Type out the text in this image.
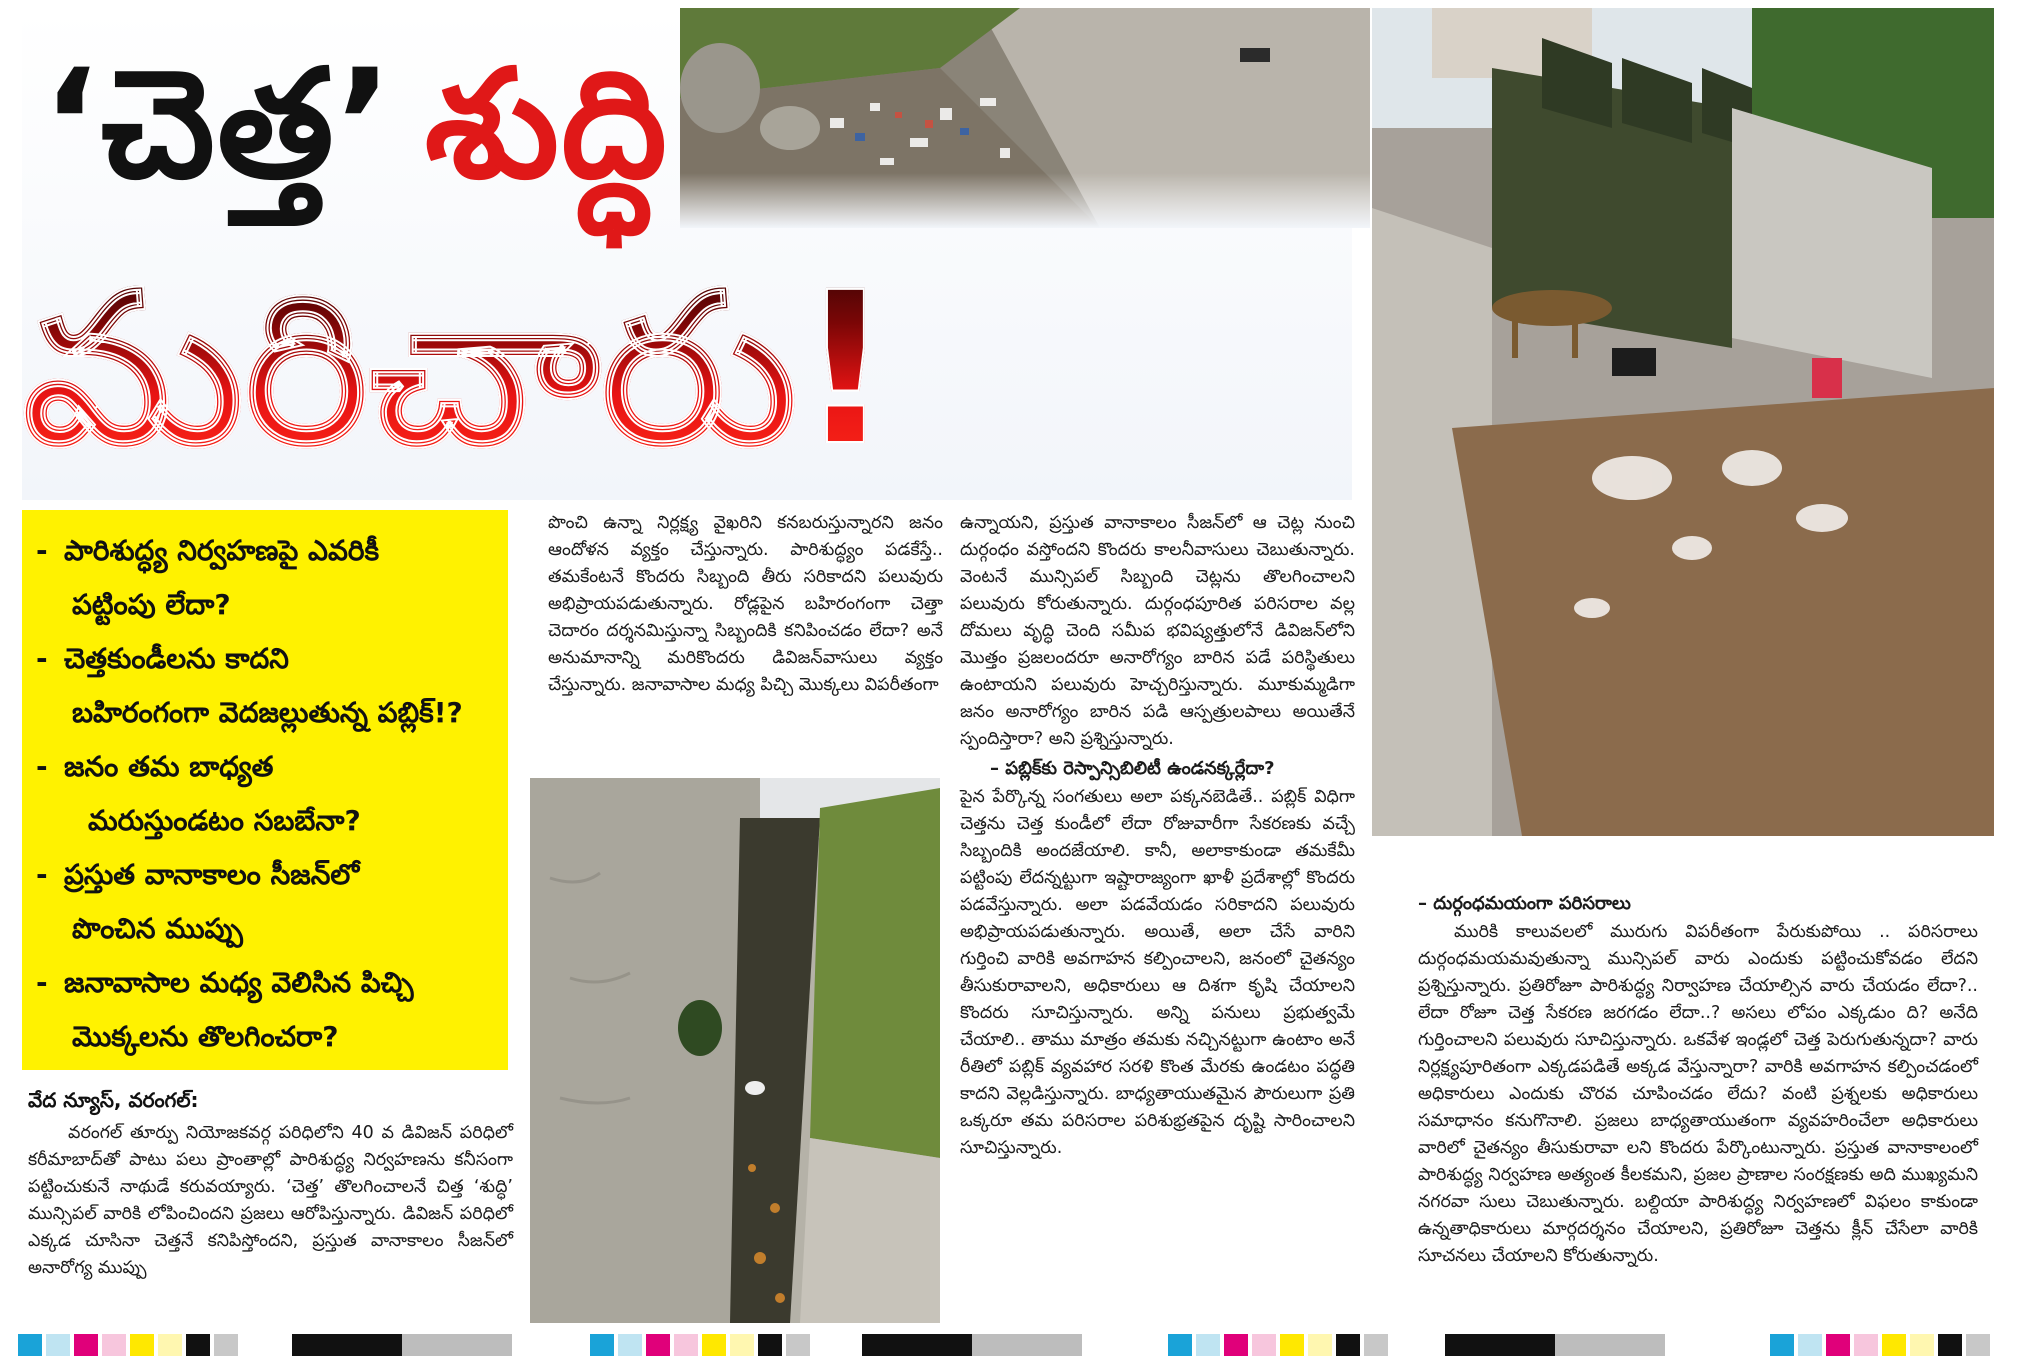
‘చెత్త’ శుద్ధి
మరిచారు!
- పారిశుద్ధ్య నిర్వహణపై ఎవరికీ
పట్టింపు లేదా?
- చెత్తకుండీలను కాదని
బహిరంగంగా వెదజల్లుతున్న పబ్లిక్!?
- జనం తమ బాధ్యత
మరుస్తుండటం సబబేనా?
- ప్రస్తుత వానాకాలం సీజన్‌లో
పొంచిన ముప్పు
- జనావాసాల మధ్య వెలిసిన పిచ్చి
మొక్కలను తొలగించరా?
వేద న్యూస్, వరంగల్:

వరంగల్ తూర్పు నియోజకవర్గ పరిధిలోని 40 వ డివిజన్ పరిధిలో కరీమాబాద్‌తో పాటు పలు ప్రాంతాల్లో పారిశుద్ధ్య నిర్వహణను కనీసంగా పట్టించుకునే నాథుడే కరువయ్యారు. ‘చెత్త’ తొలగించాలనే చిత్త ‘శుద్ధి’ మున్సిపల్ వారికి లోపించిందని ప్రజలు ఆరోపిస్తున్నారు. డివిజన్ పరిధిలో ఎక్కడ చూసినా చెత్తనే కనిపిస్తోందని, ప్రస్తుత వానాకాలం సీజన్‌లో అనారోగ్య ముప్పు

పొంచి ఉన్నా నిర్లక్ష్య వైఖరిని కనబరుస్తున్నారని జనం ఆందోళన వ్యక్తం చేస్తున్నారు. పారిశుద్ధ్యం పడకేస్తే.. తమకేంటనే కొందరు సిబ్బంది తీరు సరికాదని పలువురు అభిప్రాయపడుతున్నారు. రోడ్లపైన బహిరంగంగా చెత్తా చెదారం దర్శనమిస్తున్నా సిబ్బందికి కనిపించడం లేదా? అనే అనుమానాన్ని మరికొందరు డివిజన్‌వాసులు వ్యక్తం చేస్తున్నారు. జనావాసాల మధ్య పిచ్చి మొక్కలు విపరీతంగా

ఉన్నాయని, ప్రస్తుత వానాకాలం సీజన్‌లో ఆ చెట్ల నుంచి దుర్గంధం వస్తోందని కొందరు కాలనీవాసులు చెబుతున్నారు. వెంటనే మున్సిపల్ సిబ్బంది చెట్లను తొలగించాలని పలువురు కోరుతున్నారు. దుర్గంధపూరిత పరిసరాల వల్ల దోమలు వృద్ధి చెంది సమీప భవిష్యత్తులోనే డివిజన్‌లోని మొత్తం ప్రజలందరూ అనారోగ్యం బారిన పడే పరిస్థితులు ఉంటాయని పలువురు హెచ్చరిస్తున్నారు. మూకుమ్మడిగా జనం అనారోగ్యం బారిన పడి ఆస్పత్రులపాలు అయితేనే స్పందిస్తారా? అని ప్రశ్నిస్తున్నారు.

– పబ్లిక్‌కు రెస్పాన్సిబిలిటీ ఉండనక్కర్లేదా?

పైన పేర్కొన్న సంగతులు అలా పక్కనబెడితే.. పబ్లిక్ విధిగా చెత్తను చెత్త కుండీలో లేదా రోజువారీగా సేకరణకు వచ్చే సిబ్బందికి అందజేయాలి. కానీ, అలాకాకుండా తమకేమీ పట్టింపు లేదన్నట్టుగా ఇష్టారాజ్యంగా ఖాళీ ప్రదేశాల్లో కొందరు పడవేస్తున్నారు. అలా పడవేయడం సరికాదని పలువురు అభిప్రాయపడుతున్నారు. అయితే, అలా చేసే వారిని గుర్తించి వారికి అవగాహన కల్పించాలని, జనంలో చైతన్యం తీసుకురావాలని, అధికారులు ఆ దిశగా కృషి చేయాలని కొందరు సూచిస్తున్నారు. అన్ని పనులు ప్రభుత్వమే చేయాలి.. తాము మాత్రం తమకు నచ్చినట్టుగా ఉంటాం అనే రీతిలో పబ్లిక్ వ్యవహార సరళి కొంత మేరకు ఉండటం పద్ధతి కాదని వెల్లడిస్తున్నారు. బాధ్యతాయుతమైన పౌరులుగా ప్రతి ఒక్కరూ తమ పరిసరాల పరిశుభ్రతపైన దృష్టి సారించాలని సూచిస్తున్నారు.

– దుర్గంధమయంగా పరిసరాలు

మురికి కాలువలలో మురుగు విపరీతంగా పేరుకుపోయి .. పరిసరాలు దుర్గంధమయమవుతున్నా మున్సిపల్ వారు ఎందుకు పట్టించుకోవడం లేదని ప్రశ్నిస్తున్నారు. ప్రతిరోజూ పారిశుద్ధ్య నిర్వాహణ చేయాల్సిన వారు చేయడం లేదా?.. లేదా రోజూ చెత్త సేకరణ జరగడం లేదా..? అసలు లోపం ఎక్కడుం ది? అనేది గుర్తించాలని పలువురు సూచిస్తున్నారు. ఒకవేళ ఇండ్లలో చెత్త పెరుగుతున్నదా? వారు నిర్లక్ష్యపూరితంగా ఎక్కడపడితే అక్కడ వేస్తున్నారా? వారికి అవగాహన కల్పించడంలో అధికారులు ఎందుకు చొరవ చూపించడం లేదు? వంటి ప్రశ్నలకు అధికారులు సమాధానం కనుగొనాలి. ప్రజలు బాధ్యతాయుతంగా వ్యవహరించేలా అధికారులు వారిలో చైతన్యం తీసుకురావా లని కొందరు పేర్కొంటున్నారు. ప్రస్తుత వానాకాలంలో పారిశుద్ధ్య నిర్వహణ అత్యంత కీలకమని, ప్రజల ప్రాణాల సంరక్షణకు అది ముఖ్యమని నగరవా సులు చెబుతున్నారు. బల్దియా పారిశుద్ధ్య నిర్వహణలో విఫలం కాకుండా ఉన్నతాధికారులు మార్గదర్శనం చేయాలని, ప్రతిరోజూ చెత్తను క్లీన్ చేసేలా వారికి సూచనలు చేయాలని కోరుతున్నారు.
